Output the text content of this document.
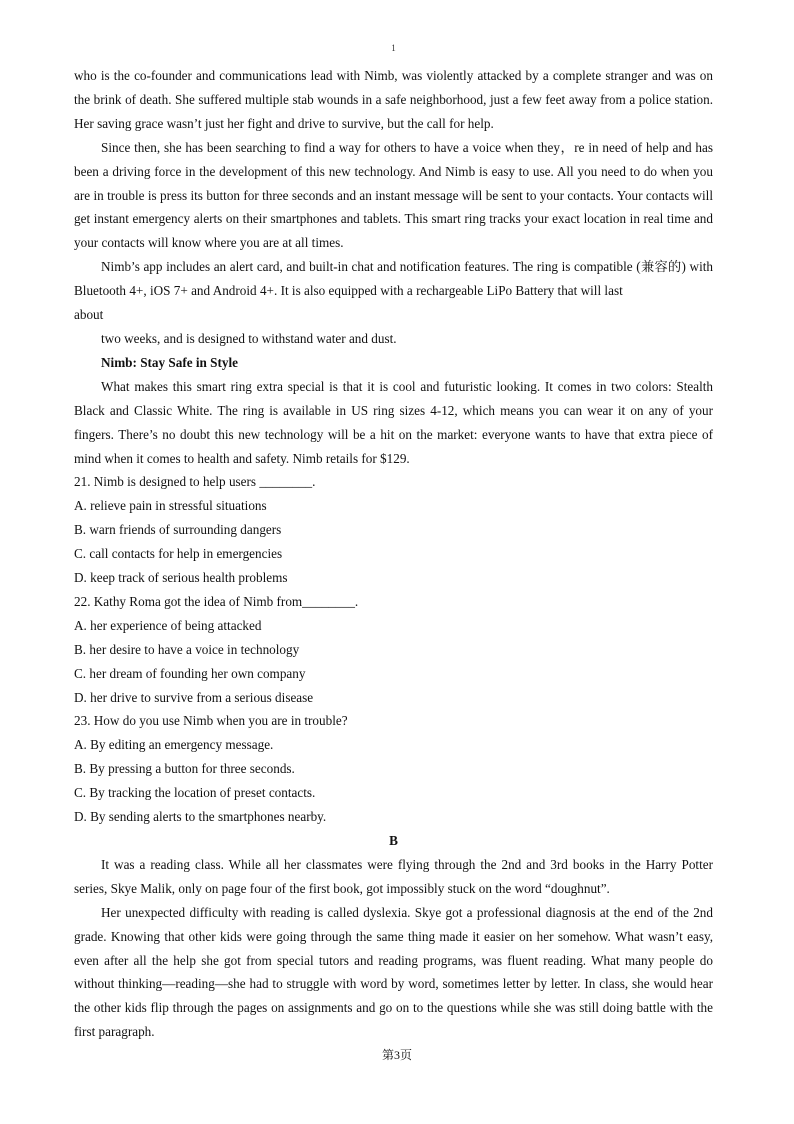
1

who is the co-founder and communications lead with Nimb, was violently attacked by a complete stranger and was on the brink of death. She suffered multiple stab wounds in a safe neighborhood, just a few feet away from a police station. Her saving grace wasn’t just her fight and drive to survive, but the call for help.

Since then, she has been searching to find a way for others to have a voice when they，re in need of help and has been a driving force in the development of this new technology. And Nimb is easy to use. All you need to do when you are in trouble is press its button for three seconds and an instant message will be sent to your contacts. Your contacts will get instant emergency alerts on their smartphones and tablets. This smart ring tracks your exact location in real time and your contacts will know where you are at all times.

Nimb’s app includes an alert card, and built-in chat and notification features. The ring is compatible (兼容的) with Bluetooth 4+, iOS 7+ and Android 4+. It is also equipped with a rechargeable LiPo Battery that will last

about

two weeks, and is designed to withstand water and dust.

Nimb: Stay Safe in Style

What makes this smart ring extra special is that it is cool and futuristic looking. It comes in two colors: Stealth Black and Classic White. The ring is available in US ring sizes 4-12, which means you can wear it on any of your fingers. There’s no doubt this new technology will be a hit on the market: everyone wants to have that extra piece of mind when it comes to health and safety. Nimb retails for $129.

21. Nimb is designed to help users ________.

A. relieve pain in stressful situations

B. warn friends of surrounding dangers

C. call contacts for help in emergencies

D. keep track of serious health problems

22. Kathy Roma got the idea of Nimb from________.

A. her experience of being attacked

B. her desire to have a voice in technology

C. her dream of founding her own company

D. her drive to survive from a serious disease

23. How do you use Nimb when you are in trouble?

A. By editing an emergency message.

B. By pressing a button for three seconds.

C. By tracking the location of preset contacts.

D. By sending alerts to the smartphones nearby.

B

It was a reading class. While all her classmates were flying through the 2nd and 3rd books in the Harry Potter series, Skye Malik, only on page four of the first book, got impossibly stuck on the word “doughnut”.

Her unexpected difficulty with reading is called dyslexia. Skye got a professional diagnosis at the end of the 2nd grade. Knowing that other kids were going through the same thing made it easier on her somehow. What wasn’t easy, even after all the help she got from special tutors and reading programs, was fluent reading. What many people do without thinking—reading—she had to struggle with word by word, sometimes letter by letter. In class, she would hear the other kids flip through the pages on assignments and go on to the questions while she was still doing battle with the first paragraph.

第3页
